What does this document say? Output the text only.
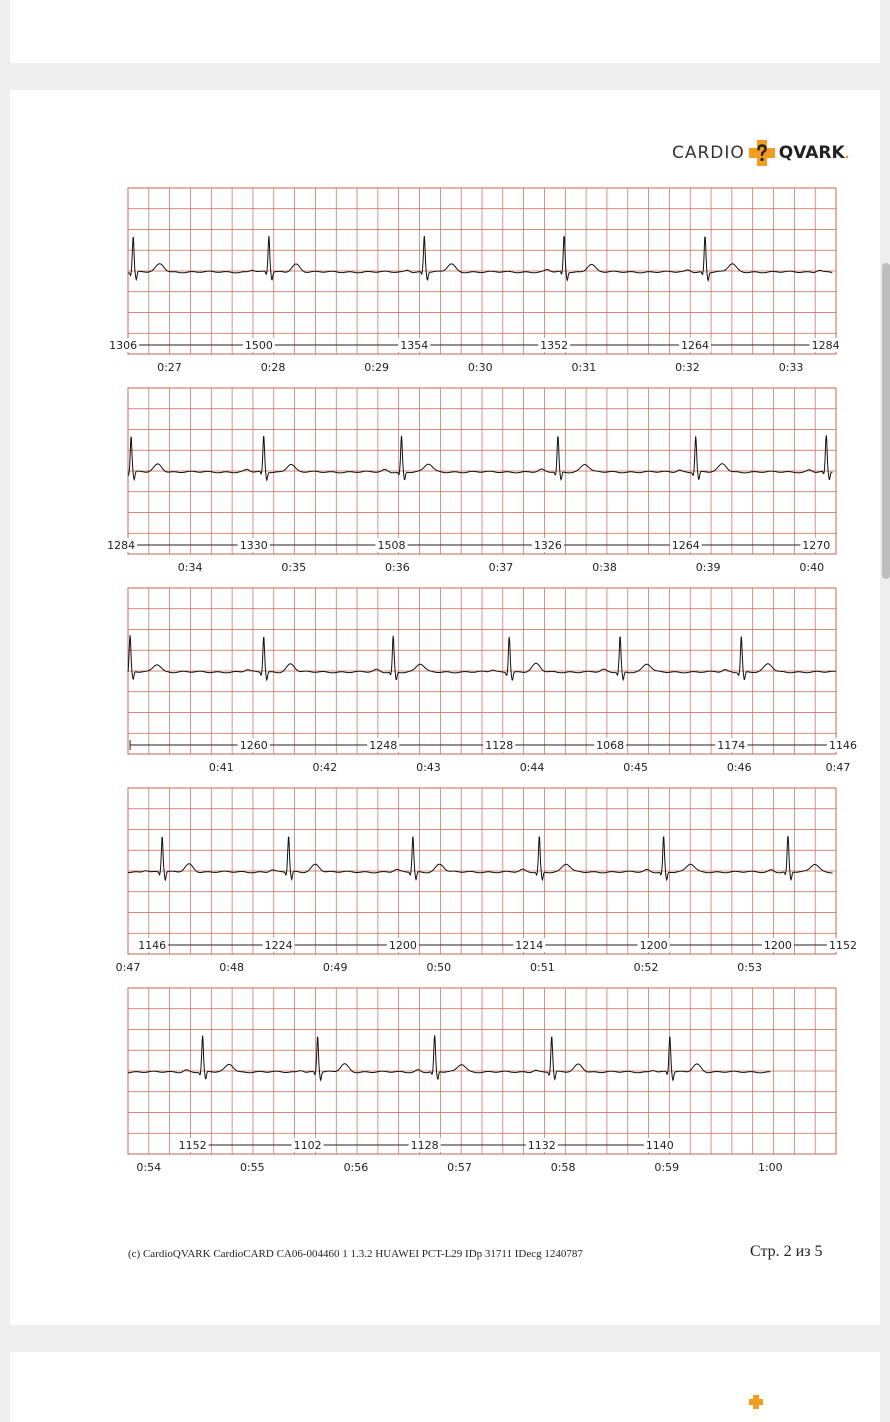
CARDIO QVARK .
1306	1500	1354	1352	1264	1284
0:27	0:28	0:29	0:30	0:31	0:32	0:33
1284	1330	1508	1326	1264	1270
0:34	0:35	0:36	0:37	0:38	0:39	0:40
1260	1248	1128	1068	1174	1146
0:41	0:42	0:43	0:44	0:45	0:46	0:47
1146	1224	1200	1214	1200	1200	1152
0:47	0:48	0:49	0:50	0:51	0:52	0:53
1152	1102	1128	1132	1140
0:54	0:55	0:56	0:57	0:58	0:59	1:00
(c) CardioQVARK CardioCARD CA06-004460 1 1.3.2 HUAWEI PCT-L29 IDp 31711 IDecg 1240787	Стр. 2 из 5
